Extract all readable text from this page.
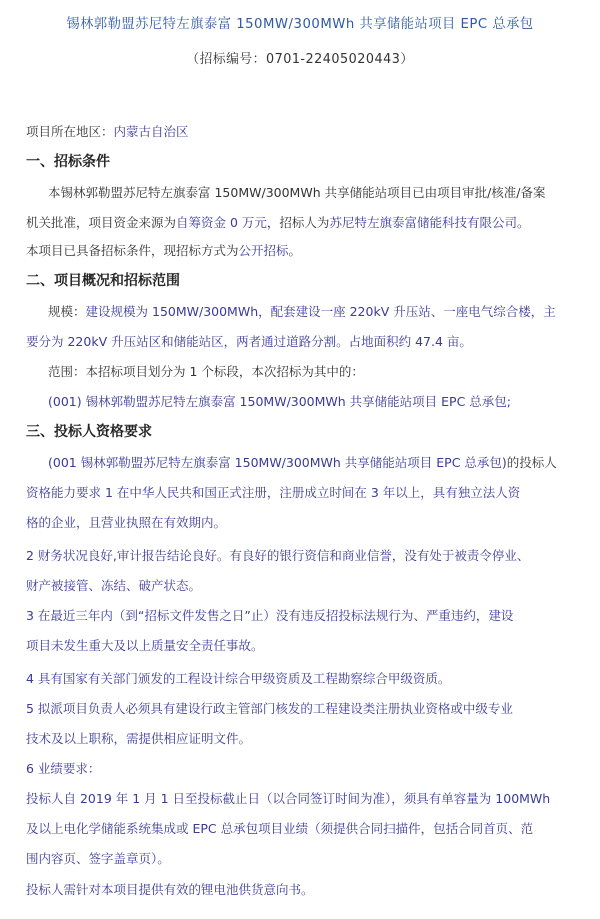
锡林郭勒盟苏尼特左旗泰富 150MW/300MWh 共享储能站项目 EPC 总承包
（招标编号：0701-22405020443）
项目所在地区：内蒙古自治区
一、招标条件
本锡林郭勒盟苏尼特左旗泰富 150MW/300MWh 共享储能站项目已由项目审批/核准/备案
机关批准，项目资金来源为自筹资金 0 万元，招标人为苏尼特左旗泰富储能科技有限公司。
本项目已具备招标条件，现招标方式为公开招标。
二、项目概况和招标范围
规模：建设规模为 150MW/300MWh，配套建设一座 220kV 升压站、一座电气综合楼，主
要分为 220kV 升压站区和储能站区，两者通过道路分割。占地面积约 47.4 亩。
范围：本招标项目划分为 1 个标段，本次招标为其中的：
(001) 锡林郭勒盟苏尼特左旗泰富 150MW/300MWh 共享储能站项目 EPC 总承包;
三、投标人资格要求
(001 锡林郭勒盟苏尼特左旗泰富 150MW/300MWh 共享储能站项目 EPC 总承包)的投标人
资格能力要求 1 在中华人民共和国正式注册，注册成立时间在 3 年以上，具有独立法人资
格的企业，且营业执照在有效期内。
2 财务状况良好,审计报告结论良好。有良好的银行资信和商业信誉，没有处于被责令停业、
财产被接管、冻结、破产状态。
3 在最近三年内（到“招标文件发售之日”止）没有违反招投标法规行为、严重违约，建设
项目未发生重大及以上质量安全责任事故。
4 具有国家有关部门颁发的工程设计综合甲级资质及工程勘察综合甲级资质。
5 拟派项目负责人必须具有建设行政主管部门核发的工程建设类注册执业资格或中级专业
技术及以上职称，需提供相应证明文件。
6 业绩要求：
投标人自 2019 年 1 月 1 日至投标截止日（以合同签订时间为准），须具有单容量为 100MWh
及以上电化学储能系统集成或 EPC 总承包项目业绩（须提供合同扫描件，包括合同首页、范
围内容页、签字盖章页）。
投标人需针对本项目提供有效的锂电池供货意向书。
